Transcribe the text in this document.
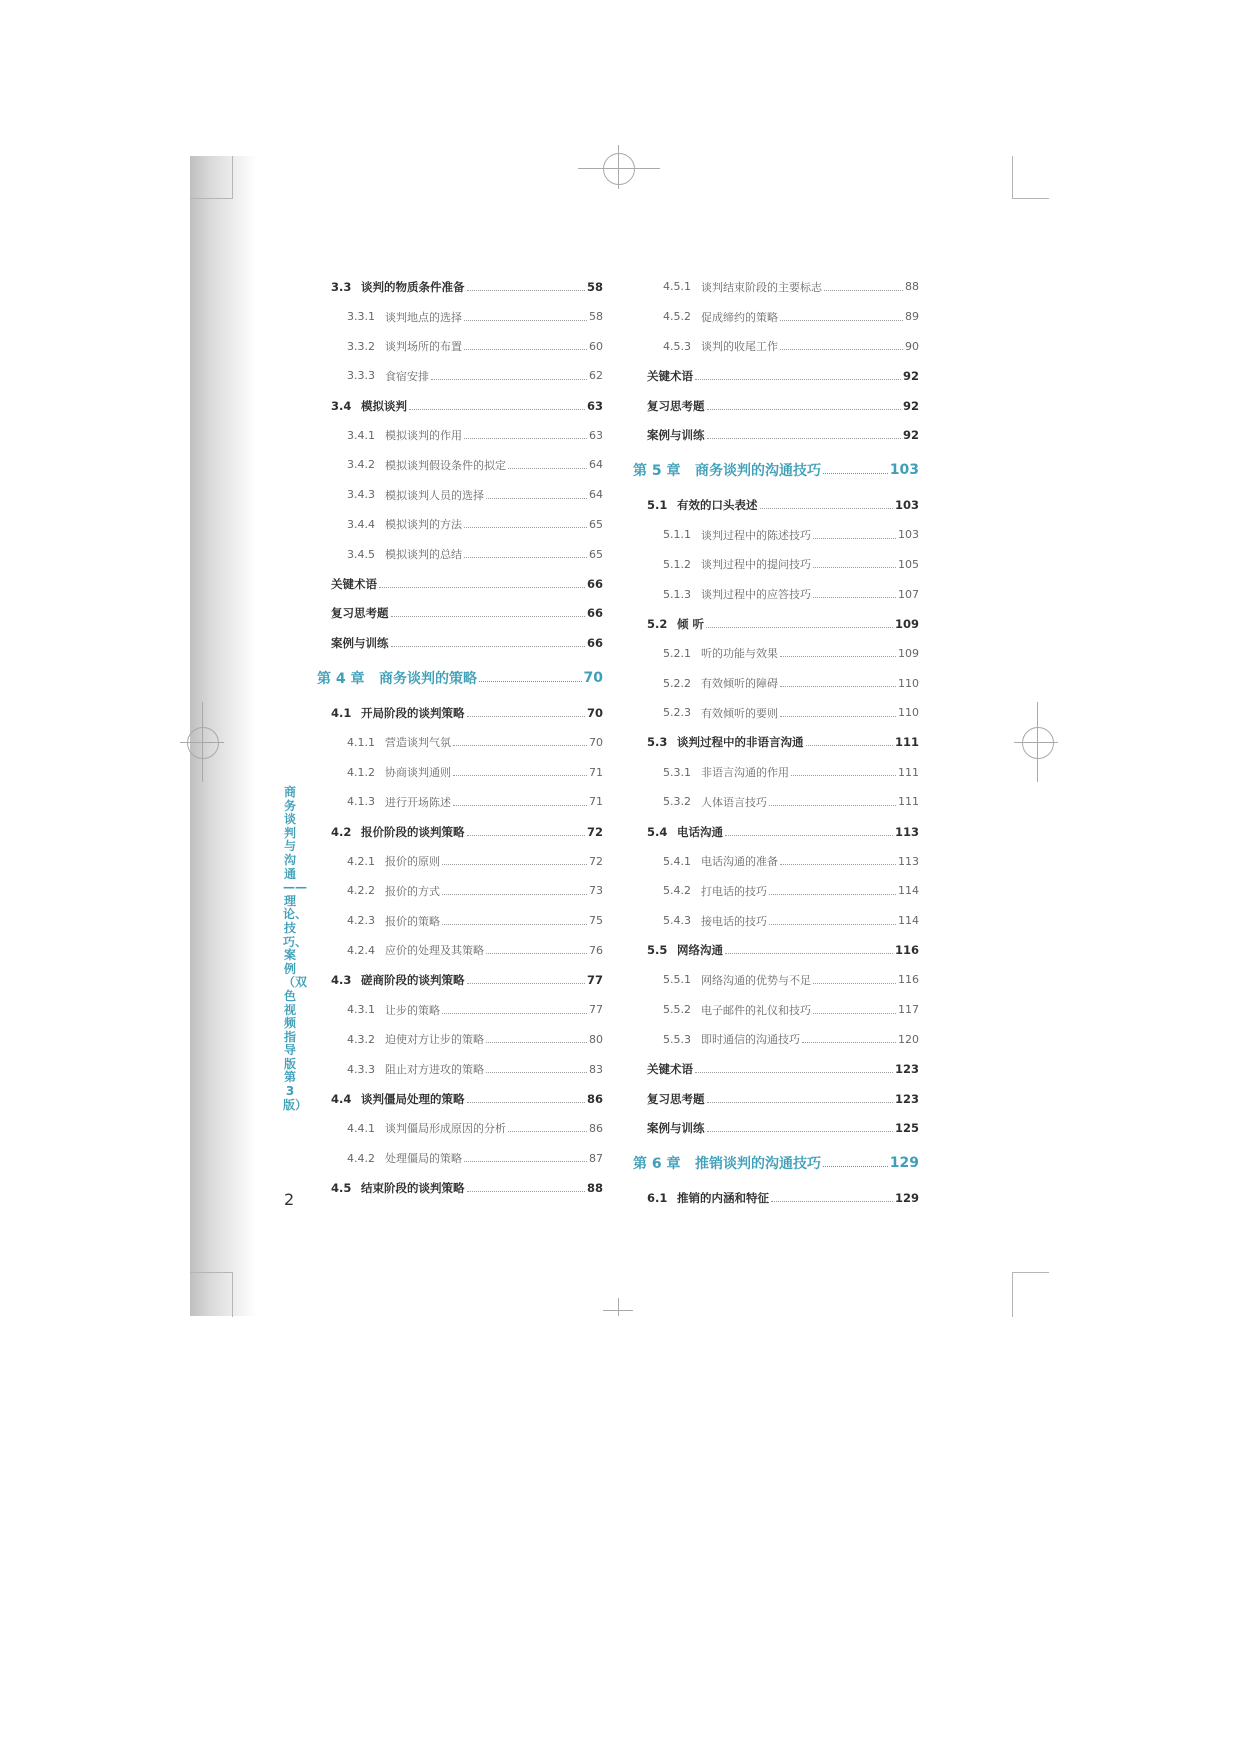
商务谈判与沟通——理论、技巧、案例（双色 视频指导版 第3版）
2
3.3 谈判的物质条件准备	58
3.3.1 谈判地点的选择	58
3.3.2 谈判场所的布置	60
3.3.3 食宿安排	62
3.4 模拟谈判	63
3.4.1 模拟谈判的作用	63
3.4.2 模拟谈判假设条件的拟定	64
3.4.3 模拟谈判人员的选择	64
3.4.4 模拟谈判的方法	65
3.4.5 模拟谈判的总结	65
关键术语	66
复习思考题	66
案例与训练	66
第 4 章	商务谈判的策略	70
4.1 开局阶段的谈判策略	70
4.1.1 营造谈判气氛	70
4.1.2 协商谈判通则	71
4.1.3 进行开场陈述	71
4.2 报价阶段的谈判策略	72
4.2.1 报价的原则	72
4.2.2 报价的方式	73
4.2.3 报价的策略	75
4.2.4 应价的处理及其策略	76
4.3 磋商阶段的谈判策略	77
4.3.1 让步的策略	77
4.3.2 迫使对方让步的策略	80
4.3.3 阻止对方进攻的策略	83
4.4 谈判僵局处理的策略	86
4.4.1 谈判僵局形成原因的分析	86
4.4.2 处理僵局的策略	87
4.5 结束阶段的谈判策略	88
4.5.1 谈判结束阶段的主要标志	88
4.5.2 促成缔约的策略	89
4.5.3 谈判的收尾工作	90
关键术语	92
复习思考题	92
案例与训练	92
第 5 章	商务谈判的沟通技巧	103
5.1 有效的口头表述	103
5.1.1 谈判过程中的陈述技巧	103
5.1.2 谈判过程中的提问技巧	105
5.1.3 谈判过程中的应答技巧	107
5.2 倾 听	109
5.2.1 听的功能与效果	109
5.2.2 有效倾听的障碍	110
5.2.3 有效倾听的要则	110
5.3 谈判过程中的非语言沟通	111
5.3.1 非语言沟通的作用	111
5.3.2 人体语言技巧	111
5.4 电话沟通	113
5.4.1 电话沟通的准备	113
5.4.2 打电话的技巧	114
5.4.3 接电话的技巧	114
5.5 网络沟通	116
5.5.1 网络沟通的优势与不足	116
5.5.2 电子邮件的礼仪和技巧	117
5.5.3 即时通信的沟通技巧	120
关键术语	123
复习思考题	123
案例与训练	125
第 6 章	推销谈判的沟通技巧	129
6.1 推销的内涵和特征	129
